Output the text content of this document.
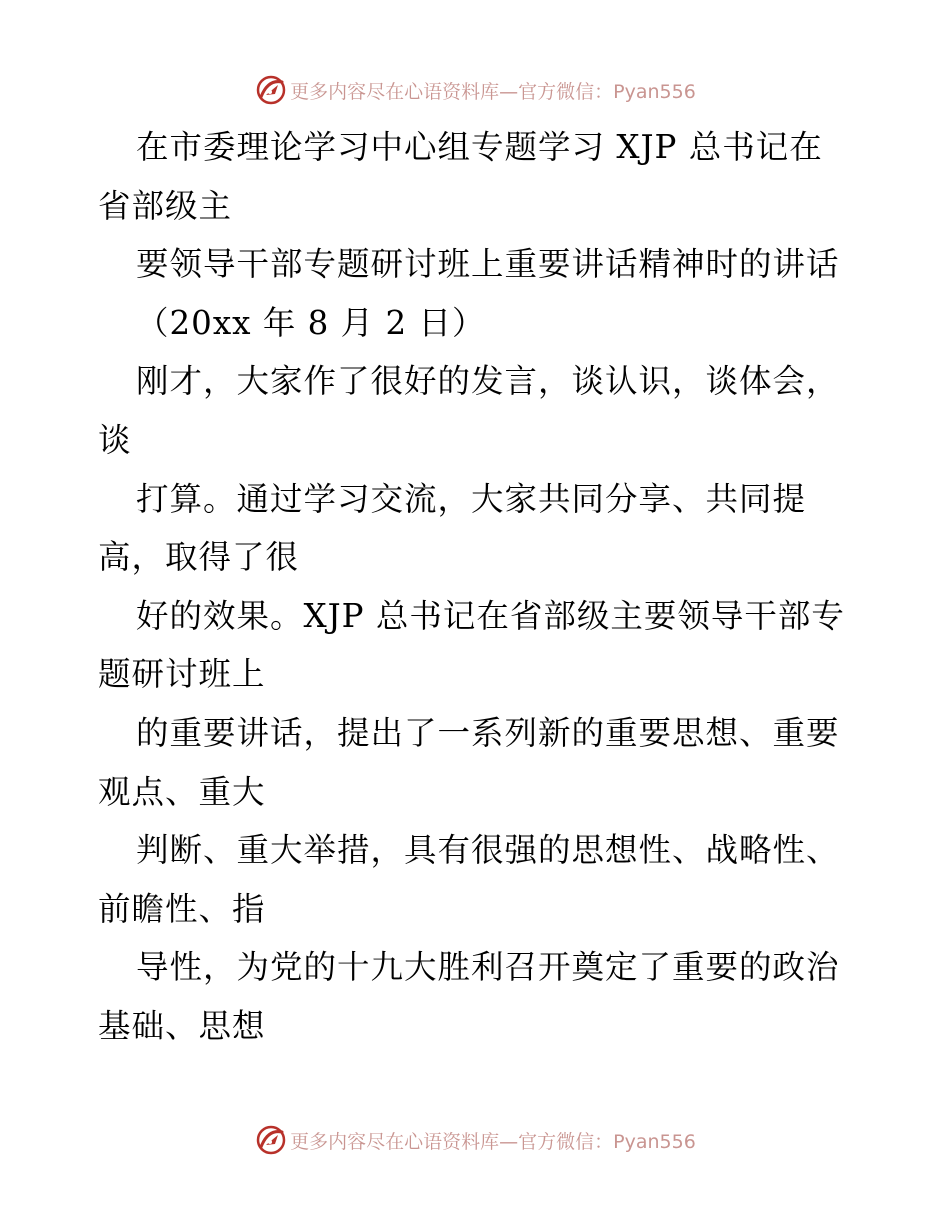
更多内容尽在心语资料库—官方微信：Pyan556
在市委理论学习中心组专题学习 XJP 总书记在
省部级主
要领导干部专题研讨班上重要讲话精神时的讲话
（20xx 年 8 月 2 日）
刚才，大家作了很好的发言，谈认识，谈体会，
谈
打算。通过学习交流，大家共同分享、共同提
高，取得了很
好的效果。XJP 总书记在省部级主要领导干部专
题研讨班上
的重要讲话，提出了一系列新的重要思想、重要
观点、重大
判断、重大举措，具有很强的思想性、战略性、
前瞻性、指
导性，为党的十九大胜利召开奠定了重要的政治
基础、思想
更多内容尽在心语资料库—官方微信：Pyan556
